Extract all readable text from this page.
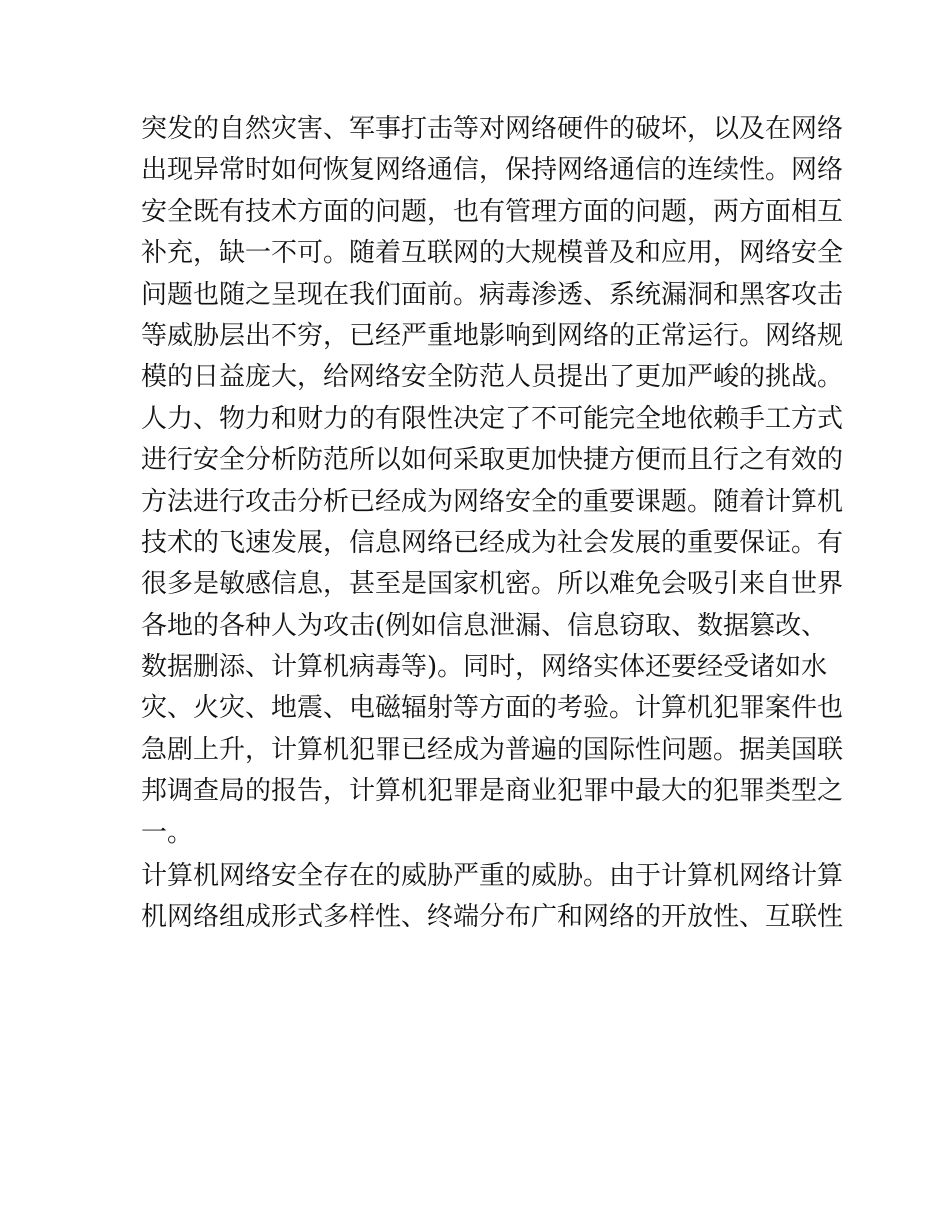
突发的自然灾害、军事打击等对网络硬件的破坏，以及在网络

出现异常时如何恢复网络通信，保持网络通信的连续性。网络

安全既有技术方面的问题，也有管理方面的问题，两方面相互

补充，缺一不可。随着互联网的大规模普及和应用，网络安全

问题也随之呈现在我们面前。病毒渗透、系统漏洞和黑客攻击

等威胁层出不穷，已经严重地影响到网络的正常运行。网络规

模的日益庞大，给网络安全防范人员提出了更加严峻的挑战。

人力、物力和财力的有限性决定了不可能完全地依赖手工方式

进行安全分析防范所以如何采取更加快捷方便而且行之有效的

方法进行攻击分析已经成为网络安全的重要课题。随着计算机

技术的飞速发展，信息网络已经成为社会发展的重要保证。有

很多是敏感信息，甚至是国家机密。所以难免会吸引来自世界

各地的各种人为攻击(例如信息泄漏、信息窃取、数据篡改、

数据删添、计算机病毒等)。同时，网络实体还要经受诸如水

灾、火灾、地震、电磁辐射等方面的考验。计算机犯罪案件也

急剧上升，计算机犯罪已经成为普遍的国际性问题。据美国联

邦调查局的报告，计算机犯罪是商业犯罪中最大的犯罪类型之

一。

计算机网络安全存在的威胁严重的威胁。由于计算机网络计算

机网络组成形式多样性、终端分布广和网络的开放性、互联性
